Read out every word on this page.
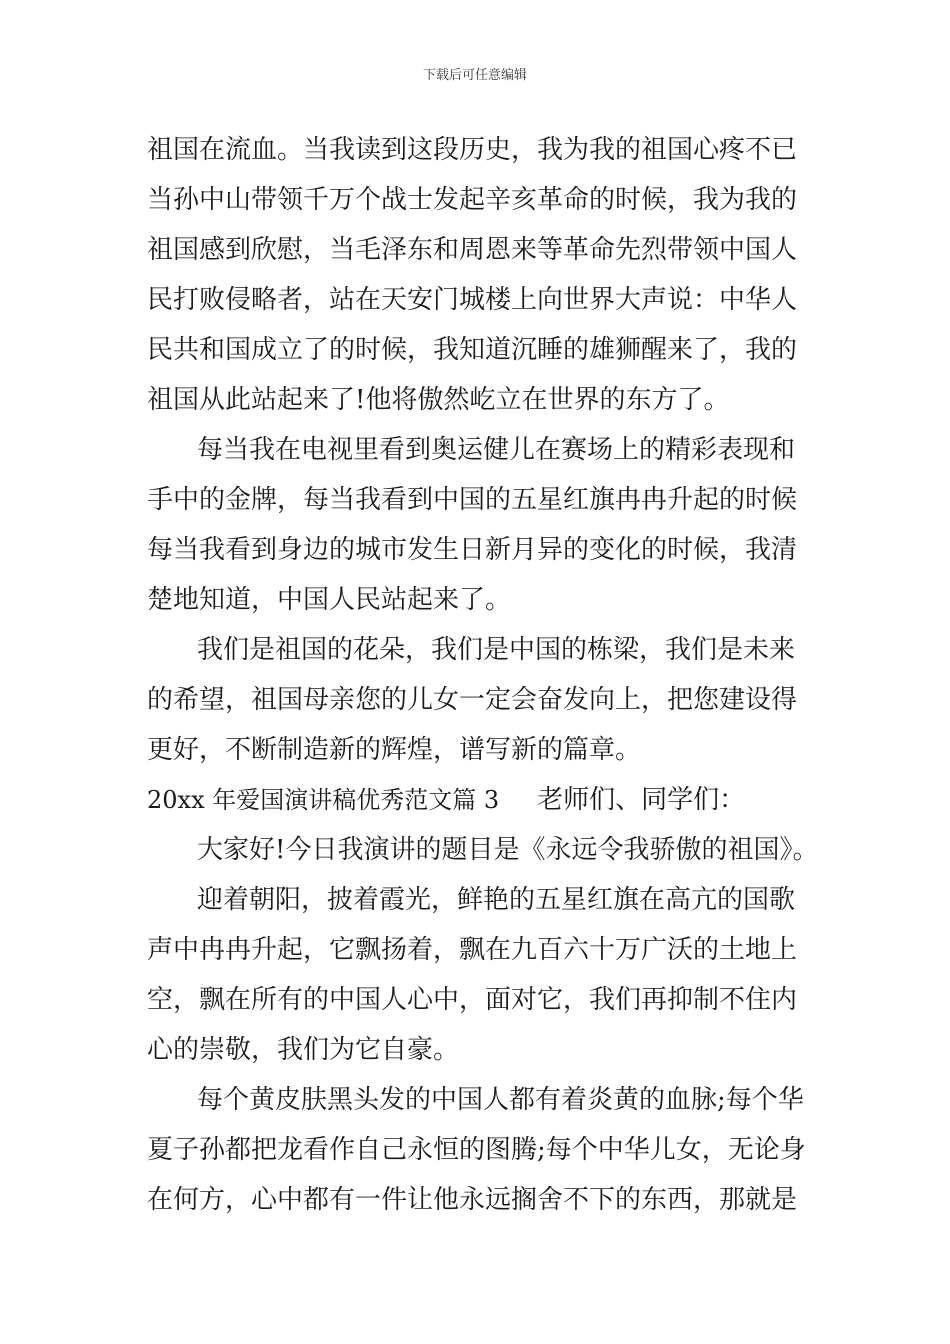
下载后可任意编辑
祖国在流血。当我读到这段历史，我为我的祖国心疼不已
当孙中山带领千万个战士发起辛亥革命的时候，我为我的
祖国感到欣慰，当毛泽东和周恩来等革命先烈带领中国人
民打败侵略者，站在天安门城楼上向世界大声说：中华人
民共和国成立了的时候，我知道沉睡的雄狮醒来了，我的
祖国从此站起来了!他将傲然屹立在世界的东方了。
每当我在电视里看到奥运健儿在赛场上的精彩表现和
手中的金牌，每当我看到中国的五星红旗冉冉升起的时候
每当我看到身边的城市发生日新月异的变化的时候，我清
楚地知道，中国人民站起来了。
我们是祖国的花朵，我们是中国的栋梁，我们是未来
的希望，祖国母亲您的儿女一定会奋发向上，把您建设得
更好，不断制造新的辉煌，谱写新的篇章。
20xx 年爱国演讲稿优秀范文篇 3 老师们、同学们：
大家好!今日我演讲的题目是《永远令我骄傲的祖国》。
迎着朝阳，披着霞光，鲜艳的五星红旗在高亢的国歌
声中冉冉升起，它飘扬着，飘在九百六十万广沃的土地上
空，飘在所有的中国人心中，面对它，我们再抑制不住内
心的崇敬，我们为它自豪。
每个黄皮肤黑头发的中国人都有着炎黄的血脉;每个华
夏子孙都把龙看作自己永恒的图腾;每个中华儿女，无论身
在何方，心中都有一件让他永远搁舍不下的东西，那就是
